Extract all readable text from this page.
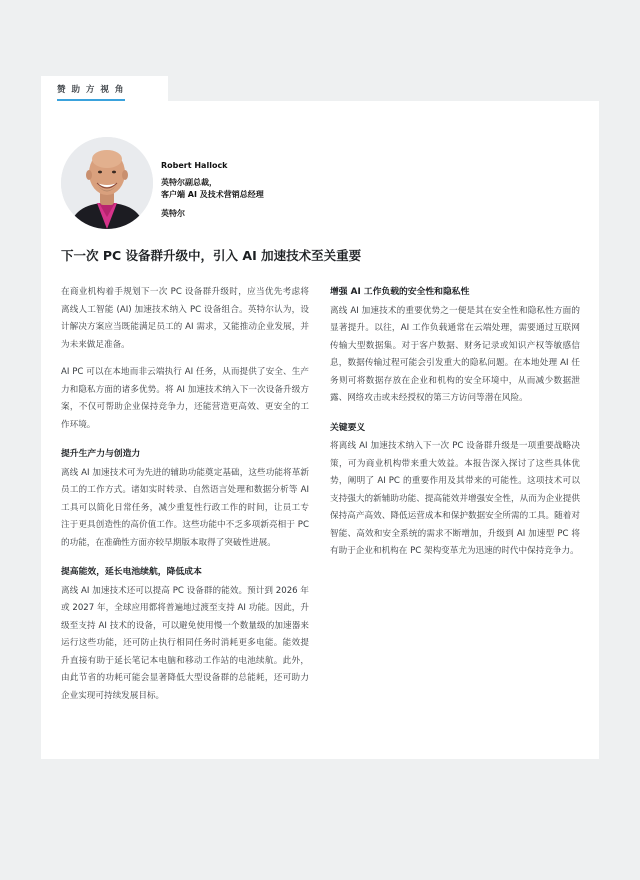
赞 助 方 视 角
Robert Hallock
英特尔副总裁，
客户端 AI 及技术营销总经理
英特尔
下一次 PC 设备群升级中，引入 AI 加速技术至关重要

在商业机构着手规划下一次 PC 设备群升级时，应当优先考虑将离线人工智能 (AI) 加速技术纳入 PC 设备组合。英特尔认为，设计解决方案应当既能满足员工的 AI 需求，又能推动企业发展，并为未来做足准备。

AI PC 可以在本地而非云端执行 AI 任务，从而提供了安全、生产力和隐私方面的诸多优势。将 AI 加速技术纳入下一次设备升级方案，不仅可帮助企业保持竞争力，还能营造更高效、更安全的工作环境。

提升生产力与创造力

离线 AI 加速技术可为先进的辅助功能奠定基础，这些功能将革新员工的工作方式。诸如实时转录、自然语言处理和数据分析等 AI 工具可以简化日常任务，减少重复性行政工作的时间，让员工专注于更具创造性的高价值工作。这些功能中不乏多项新亮相于 PC 的功能，在准确性方面亦较早期版本取得了突破性进展。

提高能效，延长电池续航，降低成本

离线 AI 加速技术还可以提高 PC 设备群的能效。预计到 2026 年或 2027 年，全球应用都将普遍地过渡至支持 AI 功能。因此，升级至支持 AI 技术的设备，可以避免使用慢一个数量级的加速器来运行这些功能，还可防止执行相同任务时消耗更多电能。能效提升直接有助于延长笔记本电脑和移动工作站的电池续航。此外，由此节省的功耗可能会显著降低大型设备群的总能耗，还可助力企业实现可持续发展目标。

增强 AI 工作负载的安全性和隐私性

离线 AI 加速技术的重要优势之一便是其在安全性和隐私性方面的显著提升。以往，AI 工作负载通常在云端处理，需要通过互联网传输大型数据集。对于客户数据、财务记录或知识产权等敏感信息，数据传输过程可能会引发重大的隐私问题。在本地处理 AI 任务则可将数据存放在企业和机构的安全环境中，从而减少数据泄露、网络攻击或未经授权的第三方访问等潜在风险。

关键要义

将离线 AI 加速技术纳入下一次 PC 设备群升级是一项重要战略决策，可为商业机构带来重大效益。本报告深入探讨了这些具体优势，阐明了 AI PC 的重要作用及其带来的可能性。这项技术可以支持强大的新辅助功能、提高能效并增强安全性，从而为企业提供保持高产高效、降低运营成本和保护数据安全所需的工具。随着对智能、高效和安全系统的需求不断增加，升级到 AI 加速型 PC 将有助于企业和机构在 PC 架构变革尤为迅速的时代中保持竞争力。
